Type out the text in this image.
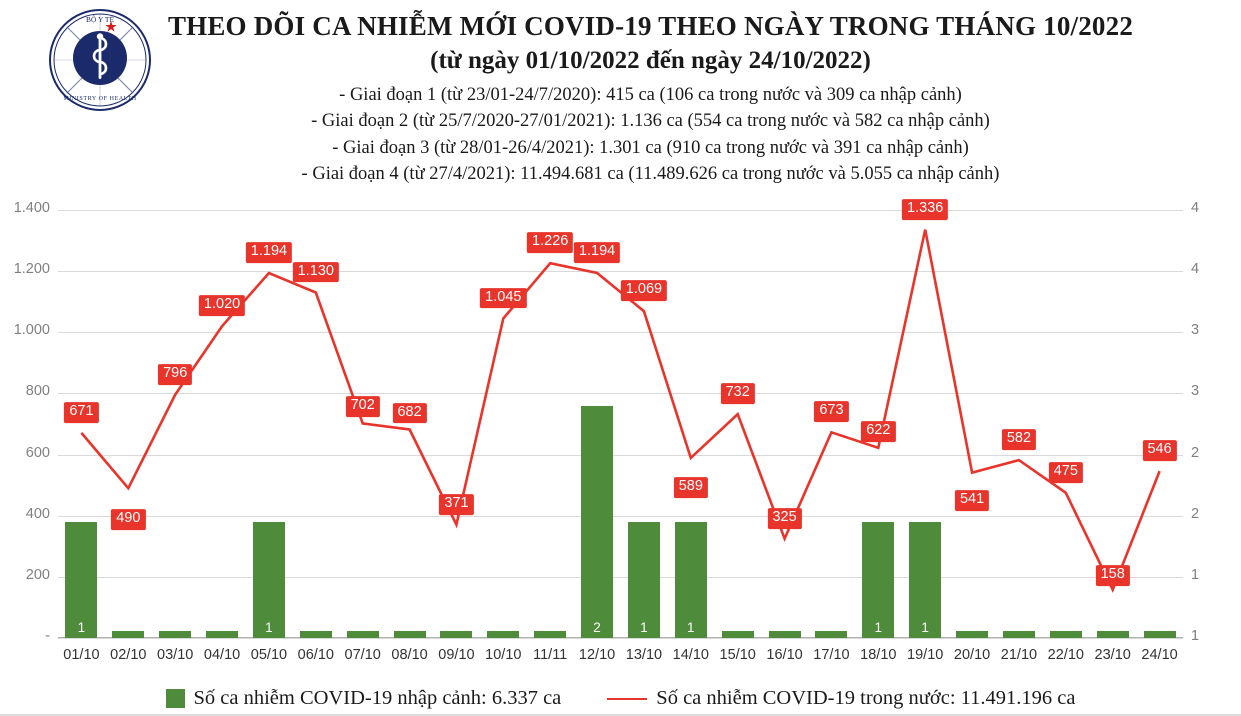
BỘ Y TẾ
MINISTRY OF HEALTH
THEO DÕI CA NHIỄM MỚI COVID-19 THEO NGÀY TRONG THÁNG 10/2022
(từ ngày 01/10/2022 đến ngày 24/10/2022)
- Giai đoạn 1 (từ 23/01-24/7/2020): 415 ca (106 ca trong nước và 309 ca nhập cảnh)
- Giai đoạn 2 (từ 25/7/2020-27/01/2021): 1.136 ca (554 ca trong nước và 582 ca nhập cảnh)
- Giai đoạn 3 (từ 28/01-26/4/2021): 1.301 ca (910 ca trong nước và 391 ca nhập cảnh)
- Giai đoạn 4 (từ 27/4/2021): 11.494.681 ca (11.489.626 ca trong nước và 5.055 ca nhập cảnh)
-	1
200	1
400	2
600	2
800	3
1.000	3
1.200	4
1.400	4
1
01/10
-
02/10
-
03/10
-
04/10
1
05/10
-
06/10
-
07/10
-
08/10
-
09/10
-
10/10
-
11/11
2
12/10
1
13/10
1
14/10
-
15/10
-
16/10
-
17/10
1
18/10
1
19/10
-
20/10
-
21/10
-
22/10
-
23/10
-
24/10
671
490
796
1.020
1.194
1.130
702	682
371
1.045
1.226
1.194
1.069
589
732
325
673
622
1.336
541
582
475
158
546
Số ca nhiễm COVID-19 nhập cảnh: 6.337 ca	Số ca nhiễm COVID-19 trong nước: 11.491.196 ca
